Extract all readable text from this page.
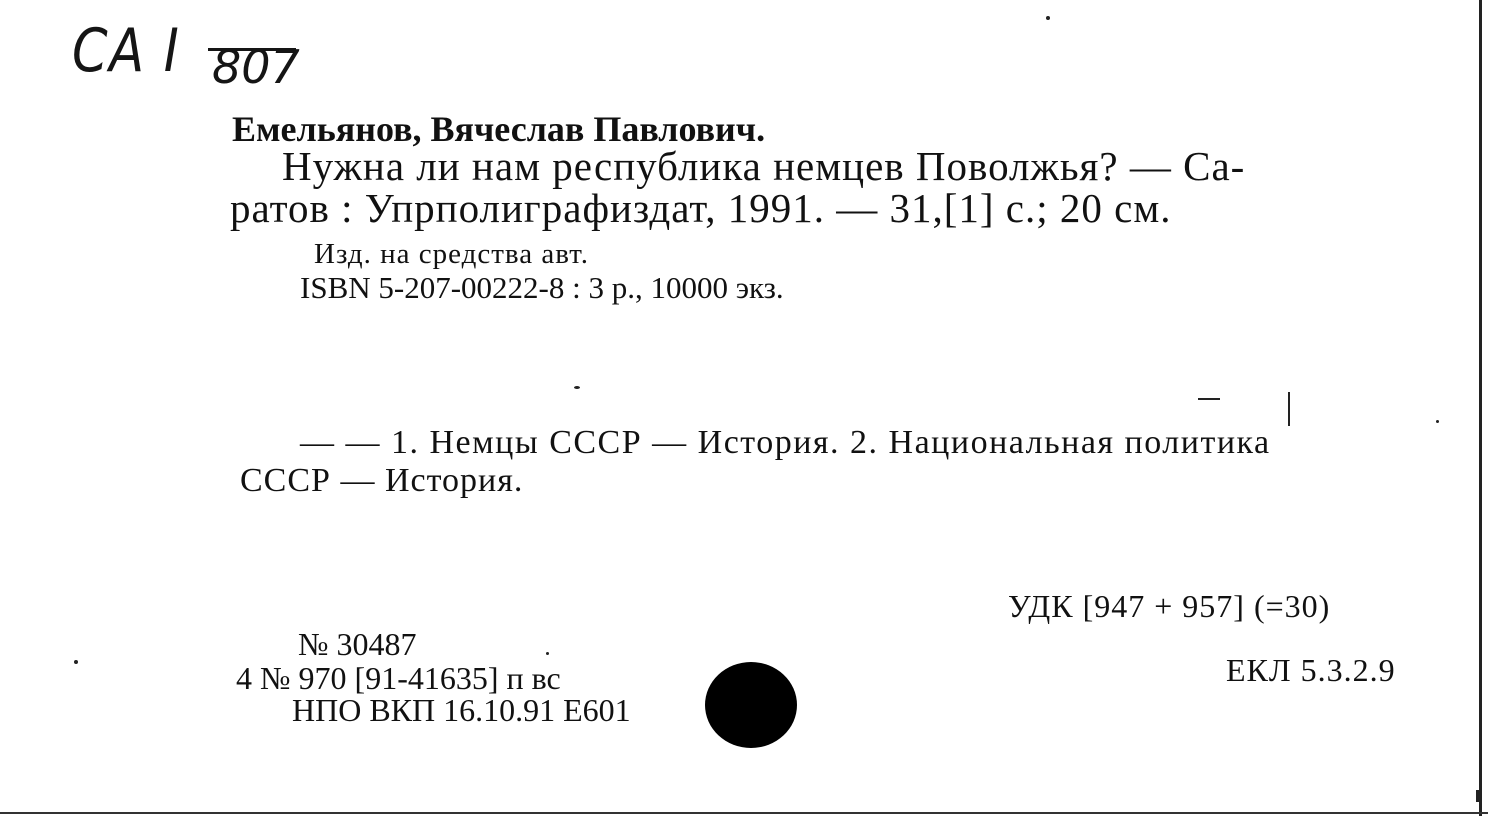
СА I 807
Емельянов, Вячеслав Павлович.
Нужна ли нам республика немцев Поволжья? — Са-
ратов : Упрполиграфиздат, 1991. — 31,[1] с.; 20 см.
Изд. на средства авт.
ISBN 5-207-00222-8 : 3 р., 10000 экз.
— — 1. Немцы СССР — История. 2. Национальная политика
СССР — История.
УДК [947 + 957] (=30)
ЕКЛ 5.3.2.9
№ 30487
4 № 970 [91-41635] п вс
НПО ВКП 16.10.91 Е601
